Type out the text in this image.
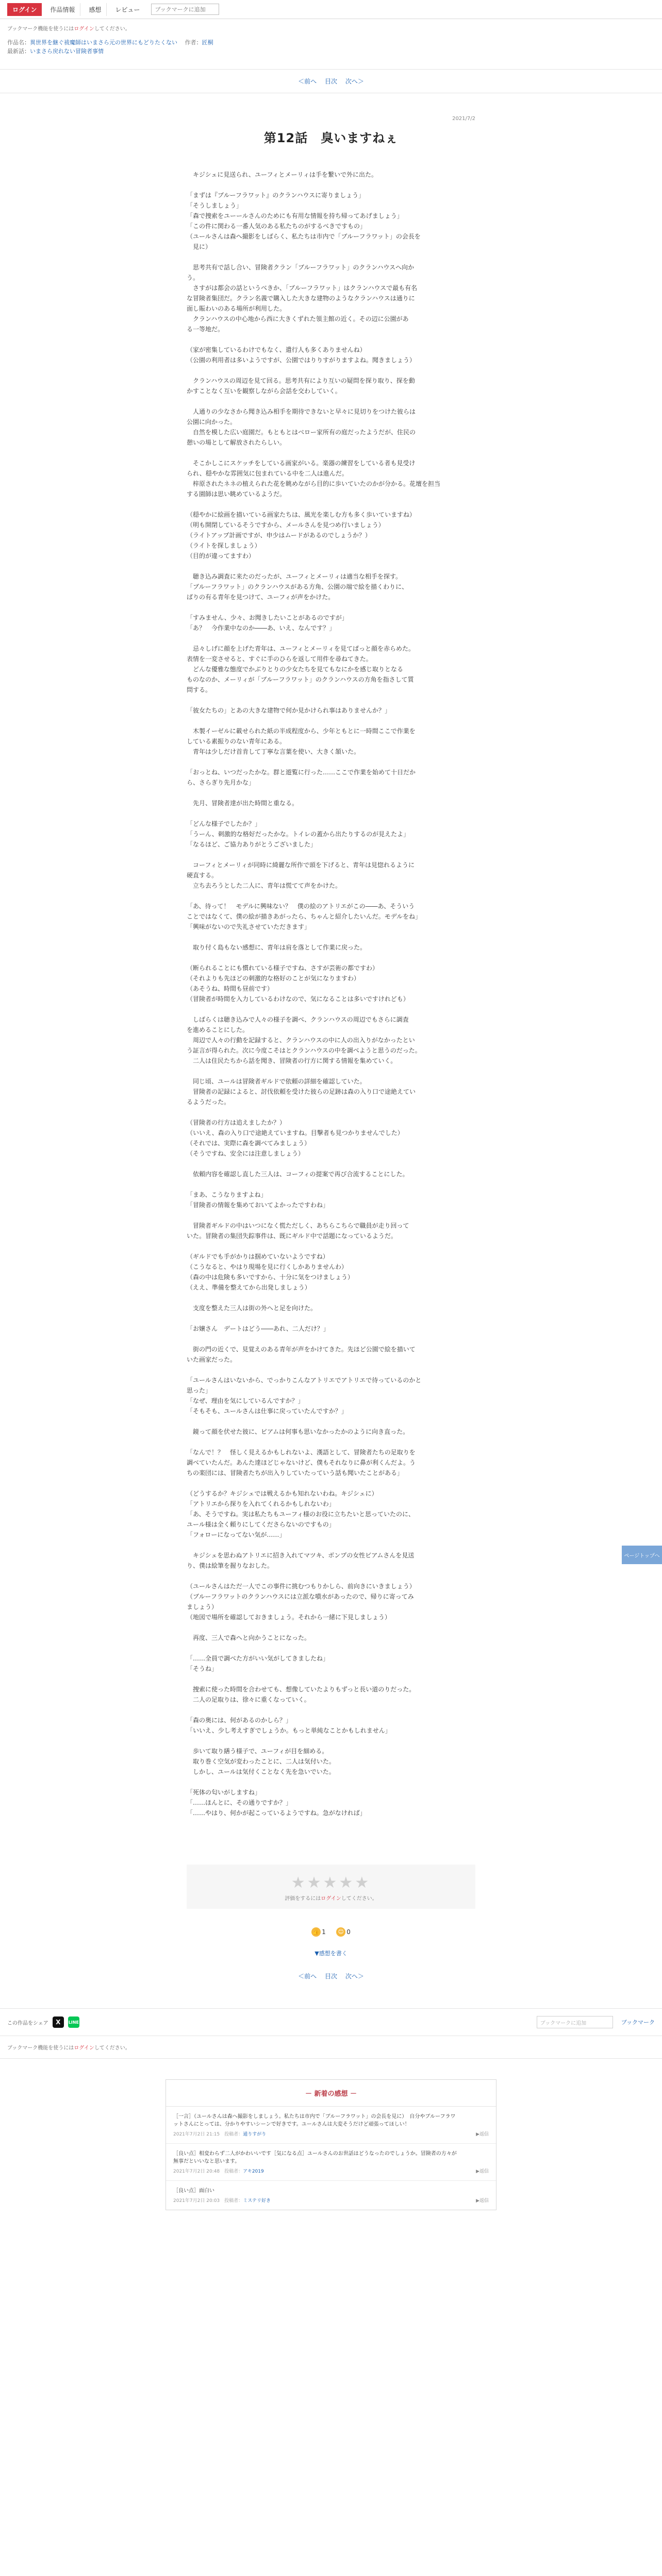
ログイン	作品情報	感想	レビュー
ブックマークに追加
ブックマーク機能を使うにはログインしてください。
作品名：異世界を継ぐ祓魔師はいまさら元の世界にもどりたくない　 作者：匠桐
最新話：いまさら戻れない冒険者事情
＜前へ 目次 次へ＞
2021/7/2
第12話　臭いますねぇ

　キジシェに見送られ、ユーフィとメーリィは手を繋いで外に出た。

「まずは『ブルーフラワット』のクランハウスに寄りましょう」

「そうしましょう」

「森で捜索をユーールさんのためにも有用な情報を持ち帰ってあげましょう」

「この件に関わる一番人気のある私たちのがするべきですもの」

（ユールさんは森へ撮影をしばらく、私たちは市内で「ブルーフラワット」の会長を

　見に）

　思考共有で話し合い、冒険者クラン「ブルーフラワット」のクランハウスへ向か

う。

　さすがは都会の話というべきか、「ブルーフラワット」はクランハウスで最も有名

な冒険者集団だ。クラン名義で購入した大きな建物のようなクランハウスは通りに

面し賑わいのある場所が利用した。

　クランハウスの中心地から西に大きくずれた領主館の近く。その辺に公園があ

る一等地だ。

（家が密集しているわけでもなく、遣行人も多くありませんね）

（公園の利用者は多いようですが、公園ではりりすがりますよね。聞きましょう）

　クランハウスの周辺を見て回る。思考共有により互いの疑問を探り取り、探を動

かすことなく互いを観察しながら会話を交わしていく。

　人通りの少なさから聞き込み相手を期待できないと早々に見切りをつけた彼らは

公園に向かった。

　自然を模した広い庭園だ。もともとはベロー家所有の庭だったようだが、住民の

憩いの場として解放されたらしい。

　そこかしこにスケッチをしている画家がいる。楽器の練習をしている者も見受け

られ、穏やかな雰囲気に包まれている中を二人は進んだ。

　梓原されたネネの植えられた花を眺めながら目的に歩いていたのかが分かる。花壇を担当

する園師は思い眺めているようだ。

（穏やかに絵画を描いている画家たちは、風光を楽しむ方も多く歩いていますね）

（明も開閉しているそうですから、メールさんを見つめ行いましょう）

（ライトアップ計画ですが、申少はムードがあるのでしょうか？）

（ライトを探しましょう）

（目的が違ってますわ）

　聴き込み調査に来たのだったが、ユーフィとメーリィは適当な相手を探す。

「ブルーフラワット」のクランハウスがある方角、公園の端で絵を描くわりに、

ばりの有る青年を見つけて、ユーフィが声をかけた。

「すみません、少々、お聞きしたいことがあるのですが」

「あ？　今作業中なのか――あ、いえ、なんです？」

　忌々しげに顔を上げた青年は、ユーフィとメーリィを見てぱっと顔を赤らめた。

表情を一変させると、すぐに手のひらを返して用件を尋ねてきた。

　どんな優雅な態度でかぶりとりの少女たちを見てもなにかを感じ取りとなる

ものなのか、メーリィが「ブルーフラワット」のクランハウスの方角を指さして質

問する。

「彼女たちの」とあの大きな建物で何か見かけられ事はありませんか？」

　木製イーゼルに載せられた紙の半成程度から、少年ともとに一時間ここで作業を

している素振りのない青年にある。

　青年は少しだけ首肯して丁寧な言葉を使い、大きく頷いた。

「おっとね、いつだったかな。群と遊覧に行った……ここで作業を始めて十日だか

ら、さらぎり先月かな」

　先月、冒険者達が出た時間と重なる。

「どんな様子でしたか？」

「うーん、刺激的な格好だったかな。トイレの蓋から出たりするのが見えたよ」

「なるほど、ご協力ありがとうございました」

　コーフィとメーリィが同時に綺麗な所作で頭を下げると、青年は見惚れるように

硬直する。

　立ち去ろうとした二人に、青年は慌てて声をかけた。

「あ、待って！　モデルに興味ない？　僕の絵のアトリエがこの――あ、そういう

ことではなくて、僕の絵が描きあがったら、ちゃんと紹介したいんだ。モデルをね」

「興味がないので失礼させていただきます」

　取り付く島もない感想に、青年は肩を落として作業に戻った。

（断られることにも慣れている様子ですね、さすが芸術の都ですわ）

（それよりも先ほどの刺激的な格好のことが気になりますわ）

（あそうね、時間も昼前です）

（冒険者が時間を入力しているわけなので、気になることは多いですけれども）

　しばらくは聴き込みで人々の様子を調べ、クランハウスの周辺でもさらに調査

を進めることにした。

　周辺で人々の行動を記録すると、クランハウスの中に人の出入りがなかったとい

う証言が得られた。次に今度こそはとクランハウスの中を調べようと思うのだった。

　二人は住民たちから話を聞き、冒険者の行方に関する情報を集めていく。

　同じ頃、ユールは冒険者ギルドで依頼の詳細を確認していた。

　冒険者の記録によると、討伐依頼を受けた彼らの足跡は森の入り口で途絶えてい

るようだった。

（冒険者の行方は追えましたか？）

（いいえ、森の入り口で途絶えていますね。目撃者も見つかりませんでした）

（それでは、実際に森を調べてみましょう）

（そうですね、安全には注意しましょう）

　依頼内容を確認し直した三人は、コーフィの提案で再び合流することにした。

「まあ、こうなりますよね」

「冒険者の情報を集めておいてよかったですわね」

　冒険者ギルドの中はいつになく慌ただしく、あちらこちらで職員が走り回って

いた。冒険者の集団失踪事件は、既にギルド中で話題になっているようだ。

（ギルドでも手がかりは掴めていないようですね）

（こうなると、やはり現場を見に行くしかありませんわ）

（森の中は危険も多いですから、十分に気をつけましょう）

（ええ、準備を整えてから出発しましょう）

　支度を整えた三人は街の外へと足を向けた。

「お嬢さん　デートはどう――あれ、二人だけ？」

　街の門の近くで、見覚えのある青年が声をかけてきた。先ほど公園で絵を描いて

いた画家だった。

「ユールさんはいないから、でっかりこんなアトリエでアトリエで待っているのかと

思った」

「なぜ、理由を気にしているんですか？」

「そもそも、ユールさんは仕事に戻っていたんですか？」

　鏡って顔を伏せた彼に、ビアムは何事も思いなかったかのように向き直った。

「なんで！？　怪しく見えるかもしれないよ、漢語として、冒険者たちの足取りを

調べていたんだ。あんた達ほどじゃないけど、僕もそれなりに鼻が利くんだよ。う

ちの楽団には、冒険者たちが出入りしていたっていう話も聞いたことがある」

（どうするか？キジシェでは戦えるかも知れないわね。キジシェに）

「アトリエから探りを入れてくれるかもしれないわ」

「あ、そうですね。実は私たちもユーフィ様のお役に立ちたいと思っていたのに、

ユール様は全く頼りにしてくださらないのですもの」

「フォローになってない気が……」

　キジシェを思わぬアトリエに招き入れてマツキ、ボンプの女性ビアムさんを見送

り、僕は絵筆を握りなおした。

（ユールさんはただ一人でこの事件に挑むつもりかしら、前向きにいきましょう）

（ブルーフラワットのクランハウスには立派な噴水があったので、帰りに寄ってみ

ましょう）

（地図で場所を確認しておきましょう。それから一緒に下見しましょう）

　再度、三人で森へと向かうことになった。

「……全員で調べた方がいい気がしてきましたね」

「そうね」

　捜索に使った時間を合わせても、想像していたよりもずっと長い道のりだった。

　二人の足取りは、徐々に重くなっていく。

「森の奥には、何があるのかしら？」

「いいえ、少し考えすぎでしょうか。もっと単純なことかもしれません」

　歩いて取り繕う様子で、ユーフィが目を細める。

　取り巻く空気が変わったことに、二人は気付いた。

　しかし、ユールは気付くことなく先を急いでいた。

「死体の匂いがしますね」

「……ほんとに、その通りですか？」

「……やはり、何かが起こっているようですね。急がなければ」

★★★★★
評価をするにはログインしてください。
👍 1 😊 0
▼感想を書く
＜前へ 目次 次へ＞
この作品をシェア	X	LINE	ブックマークに追加	ブックマーク
ブックマーク機能を使うにはログインしてください。
－ 新着の感想 －
［一言］（ユールさんは森へ撮影をしましょう。私たちは市内で「ブルーフラワット」の会長を見に）　自分やブルーフラワットさんにとっては、分かりやすいシーンで好きです。ユールさんは大変そうだけど頑張ってほしい！
2021年7月2日 21:15　 投稿者：通りすがり	▶返信
［良い点］相変わらず二人がかわいいです［気になる点］ユールさんのお世話はどうなったのでしょうか。冒険者の方々が無事だといいなと思います。
2021年7月2日 20:48　 投稿者：アキ2019	▶返信
［良い点］面白い
2021年7月2日 20:03　 投稿者：ミステリ好き	▶返信
ページトップへ
